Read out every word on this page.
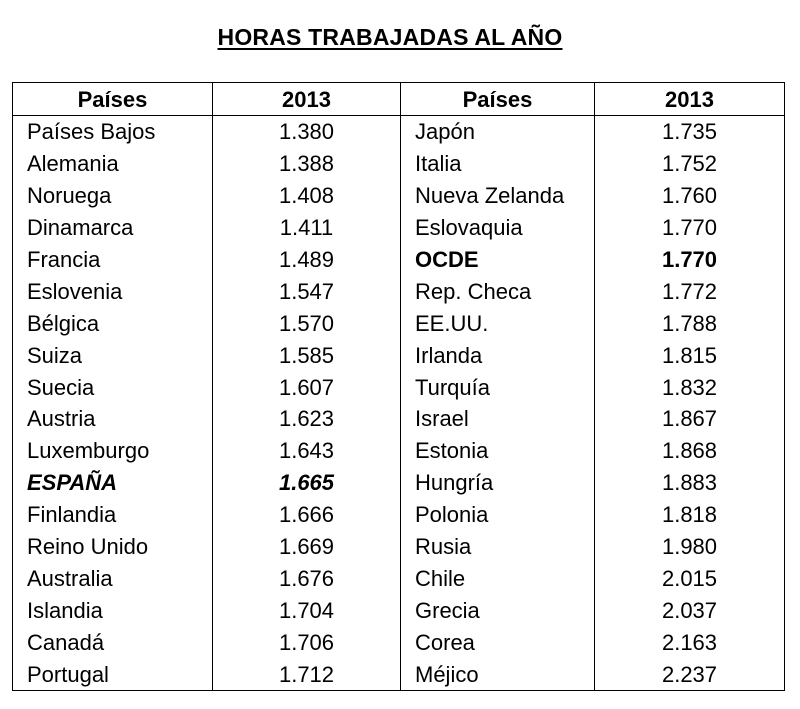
HORAS TRABAJADAS AL AÑO
Países	2013	Países	2013
Países Bajos	1.380	Japón	1.735
Alemania	1.388	Italia	1.752
Noruega	1.408	Nueva Zelanda	1.760
Dinamarca	1.411	Eslovaquia	1.770
Francia	1.489	OCDE	1.770
Eslovenia	1.547	Rep. Checa	1.772
Bélgica	1.570	EE.UU.	1.788
Suiza	1.585	Irlanda	1.815
Suecia	1.607	Turquía	1.832
Austria	1.623	Israel	1.867
Luxemburgo	1.643	Estonia	1.868
ESPAÑA	1.665	Hungría	1.883
Finlandia	1.666	Polonia	1.818
Reino Unido	1.669	Rusia	1.980
Australia	1.676	Chile	2.015
Islandia	1.704	Grecia	2.037
Canadá	1.706	Corea	2.163
Portugal	1.712	Méjico	2.237
